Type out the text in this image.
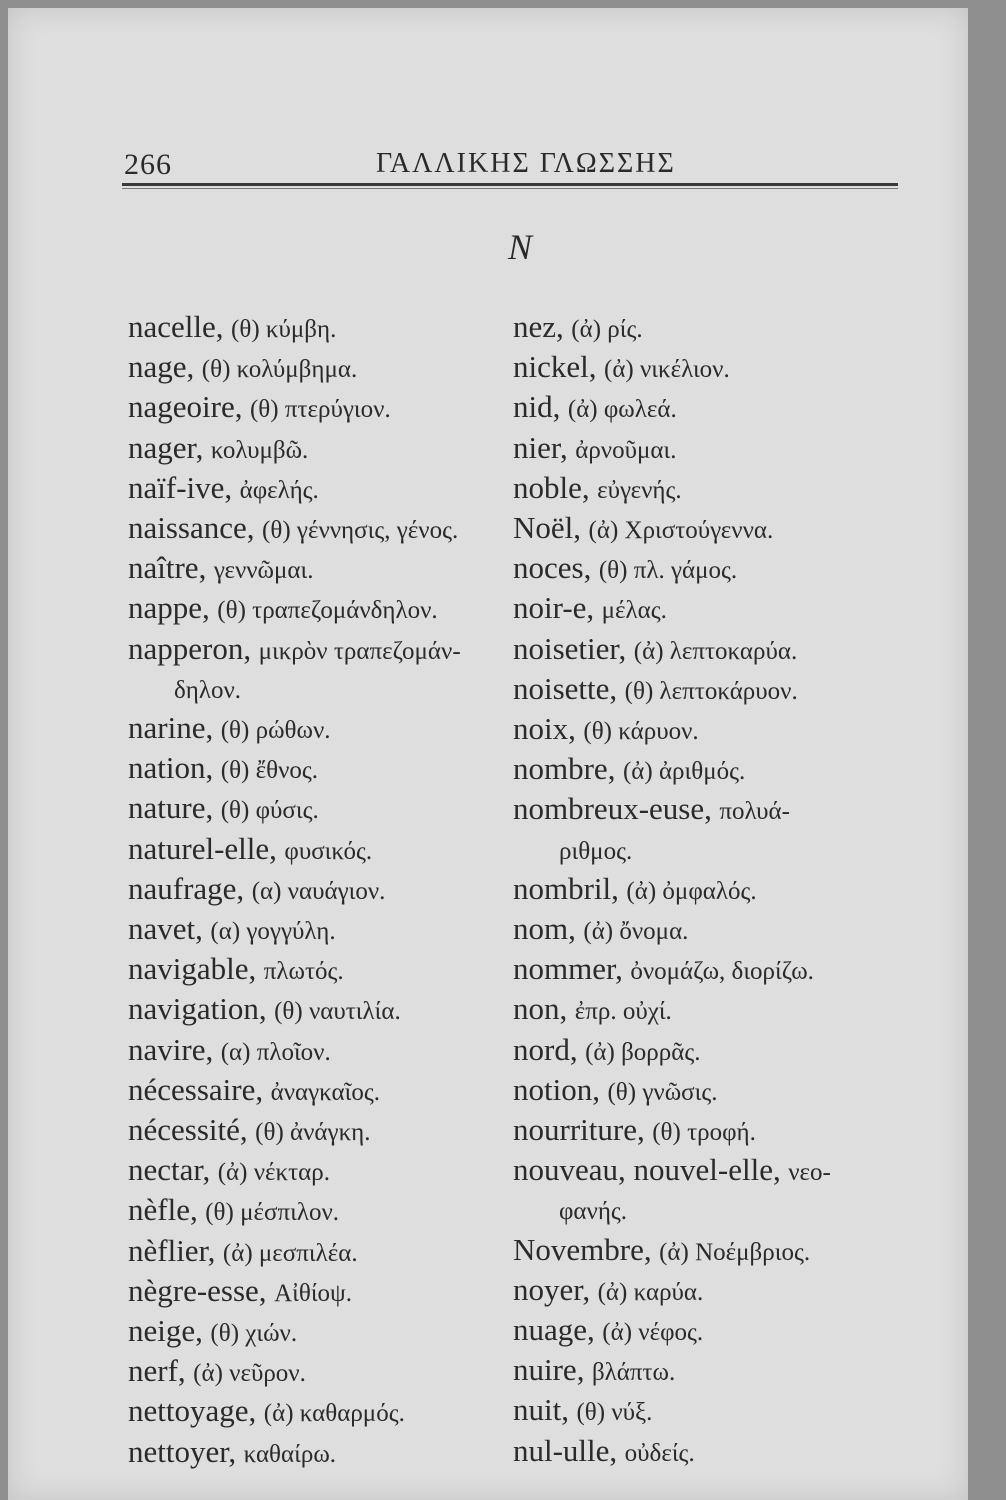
266	ΓΑΛΛΙΚΗΣ ΓΛΩΣΣΗΣ
N
nacelle, (θ) κύμβη.
nage, (θ) κολύμβημα.
nageoire, (θ) πτερύγιον.
nager, κολυμβῶ.
naïf-ive, ἀφελής.
naissance, (θ) γέννησις, γένος.
naître, γεννῶμαι.
nappe, (θ) τραπεζομάνδηλον.
napperon, μικρὸν τραπεζομάν-
δηλον.
narine, (θ) ρώθων.
nation, (θ) ἔθνος.
nature, (θ) φύσις.
naturel-elle, φυσικός.
naufrage, (α) ναυάγιον.
navet, (α) γογγύλη.
navigable, πλωτός.
navigation, (θ) ναυτιλία.
navire, (α) πλοῖον.
nécessaire, ἀναγκαῖος.
nécessité, (θ) ἀνάγκη.
nectar, (ἀ) νέκταρ.
nèfle, (θ) μέσπιλον.
nèflier, (ἀ) μεσπιλέα.
nègre-esse, Αἰθίοψ.
neige, (θ) χιών.
nerf, (ἀ) νεῦρον.
nettoyage, (ἀ) καθαρμός.
nettoyer, καθαίρω.
nez, (ἀ) ρίς.
nickel, (ἀ) νικέλιον.
nid, (ἀ) φωλεά.
nier, ἀρνοῦμαι.
noble, εὐγενής.
Noël, (ἀ) Χριστούγεννα.
noces, (θ) πλ. γάμος.
noir-e, μέλας.
noisetier, (ἀ) λεπτοκαρύα.
noisette, (θ) λεπτοκάρυον.
noix, (θ) κάρυον.
nombre, (ἀ) ἀριθμός.
nombreux-euse, πολυά-
ριθμος.
nombril, (ἀ) ὀμφαλός.
nom, (ἀ) ὄνομα.
nommer, ὀνομάζω, διορίζω.
non, ἐπρ. οὐχί.
nord, (ἀ) βορρᾶς.
notion, (θ) γνῶσις.
nourriture, (θ) τροφή.
nouveau, nouvel-elle, νεο-
φανής.
Novembre, (ἀ) Νοέμβριος.
noyer, (ἀ) καρύα.
nuage, (ἀ) νέφος.
nuire, βλάπτω.
nuit, (θ) νύξ.
nul-ulle, οὐδείς.
